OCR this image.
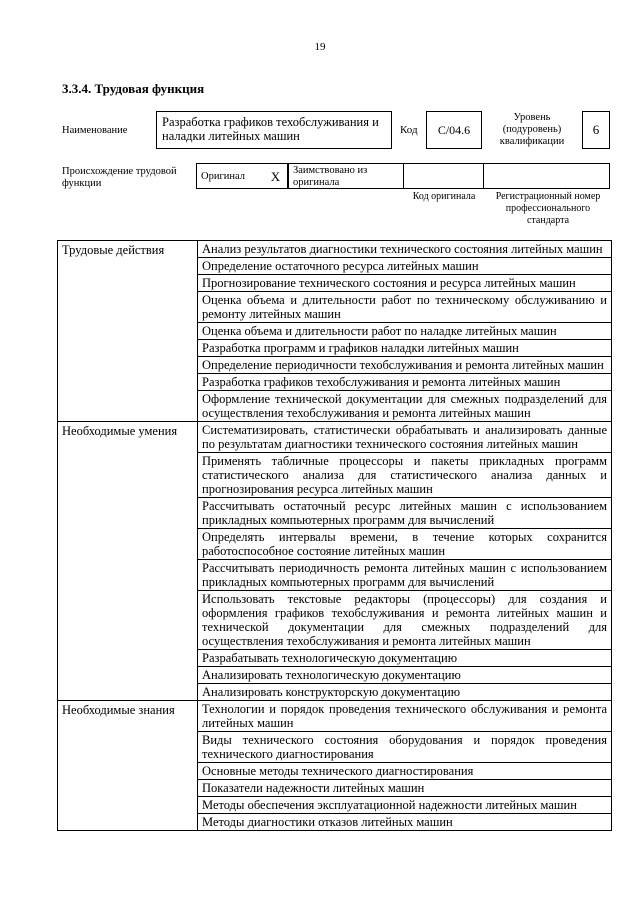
19
3.3.4. Трудовая функция
Наименование
Разработка графиков техобслуживания и наладки литейных машин	Код	С/04.6
Уровень (подуровень) квалификации
6
Происхождение трудовой функции
Оригинал	X	Заимствовано из оригинала
Код оригинала	Регистрационный номер профессионального стандарта
Трудовые действия	Анализ результатов диагностики технического состояния литейных машин
	Определение остаточного ресурса литейных машин
	Прогнозирование технического состояния и ресурса литейных машин
	Оценка объема и длительности работ по техническому обслуживанию и ремонту литейных машин
	Оценка объема и длительности работ по наладке литейных машин
	Разработка программ и графиков наладки литейных машин
	Определение периодичности техобслуживания и ремонта литейных машин
	Разработка графиков техобслуживания и ремонта литейных машин
	Оформление технической документации для смежных подразделений для осуществления техобслуживания и ремонта литейных машин
Необходимые умения	Систематизировать, статистически обрабатывать и анализировать данные по результатам диагностики технического состояния литейных машин
	Применять табличные процессоры и пакеты прикладных программ статистического анализа для статистического анализа данных и прогнозирования ресурса литейных машин
	Рассчитывать остаточный ресурс литейных машин с использованием прикладных компьютерных программ для вычислений
	Определять интервалы времени, в течение которых сохранится работоспособное состояние литейных машин
	Рассчитывать периодичность ремонта литейных машин с использованием прикладных компьютерных программ для вычислений
	Использовать текстовые редакторы (процессоры) для создания и оформления графиков техобслуживания и ремонта литейных машин и технической документации для смежных подразделений для осуществления техобслуживания и ремонта литейных машин
	Разрабатывать технологическую документацию
	Анализировать технологическую документацию
	Анализировать конструкторскую документацию
Необходимые знания	Технологии и порядок проведения технического обслуживания и ремонта литейных машин
	Виды технического состояния оборудования и порядок проведения технического диагностирования
	Основные методы технического диагностирования
	Показатели надежности литейных машин
	Методы обеспечения эксплуатационной надежности литейных машин
	Методы диагностики отказов литейных машин
